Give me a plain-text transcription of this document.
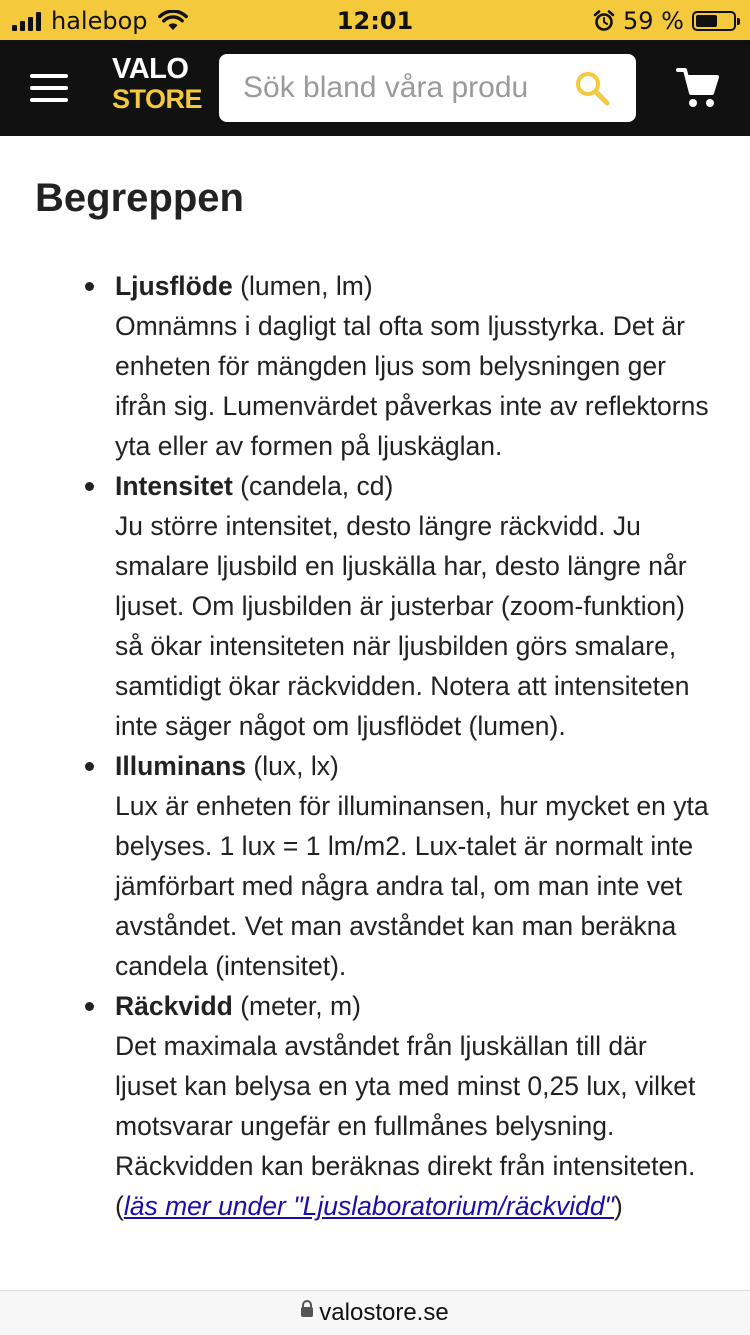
halebop	12:01	59 %
VALO
STORE
Sök bland våra produ
Begreppen
Ljusflöde (lumen, lm)
Omnämns i dagligt tal ofta som ljusstyrka. Det är enheten för mängden ljus som belysningen ger ifrån sig. Lumenvärdet påverkas inte av reflektorns yta eller av formen på ljuskäglan.
Intensitet (candela, cd)
Ju större intensitet, desto längre räckvidd. Ju smalare ljusbild en ljuskälla har, desto längre når ljuset. Om ljusbilden är justerbar (zoom-funktion) så ökar intensiteten när ljusbilden görs smalare, samtidigt ökar räckvidden. Notera att intensiteten inte säger något om ljusflödet (lumen).
Illuminans (lux, lx)
Lux är enheten för illuminansen, hur mycket en yta belyses. 1 lux = 1 lm/m2. Lux-talet är normalt inte jämförbart med några andra tal, om man inte vet avståndet. Vet man avståndet kan man beräkna candela (intensitet).
Räckvidd (meter, m)
Det maximala avståndet från ljuskällan till där ljuset kan belysa en yta med minst 0,25 lux, vilket motsvarar ungefär en fullmånes belysning. Räckvidden kan beräknas direkt från intensiteten. (läs mer under "Ljuslaboratorium/räckvidd")
valostore.se
